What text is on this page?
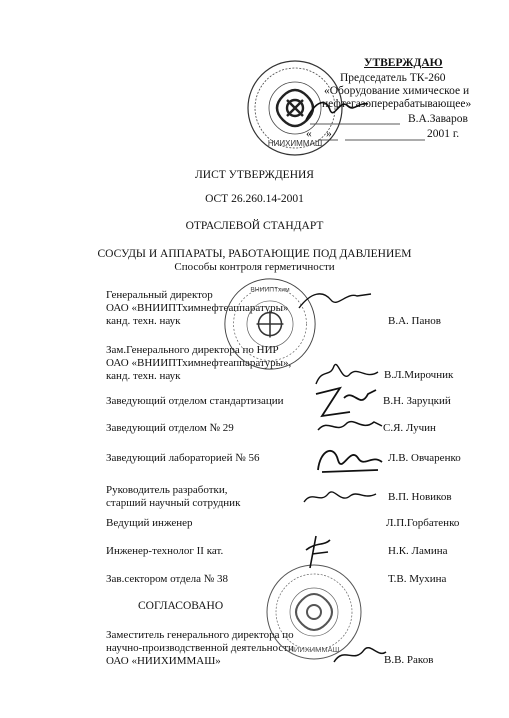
УТВЕРЖДАЮ
Председатель ТК-260
«Оборудование химическое и
нефтегазоперерабатывающее»
В.А.Заваров
« »	2001 г.
НИИХИММАШ
ЛИСТ УТВЕРЖДЕНИЯ
ОСТ 26.260.14-2001
ОТРАСЛЕВОЙ СТАНДАРТ
СОСУДЫ И АППАРАТЫ, РАБОТАЮЩИЕ ПОД ДАВЛЕНИЕМ
Способы контроля герметичности
Генеральный директор
ОАО «ВНИИПТхимнефтеаппаратуры»
канд. техн. наук	В.А. Панов
Зам.Генерального директора по НИР
ОАО «ВНИИПТхимнефтеаппаратуры»,
канд. техн. наук	В.Л.Мирочник
Заведующий отделом стандартизации	В.Н. Заруцкий
Заведующий отделом № 29	С.Я. Лучин
Заведующий лабораторией № 56	Л.В. Овчаренко
Руководитель разработки,
старший научный сотрудник	В.П. Новиков
Ведущий инженер	Л.П.Горбатенко
Инженер-технолог II кат.	Н.К. Ламина
Зав.сектором отдела № 38	Т.В. Мухина
СОГЛАСОВАНО
Заместитель генерального директора по
научно-производственной деятельности
ОАО «НИИХИММАШ»	В.В. Раков
ВНИИПТхим
НИИХИММАШ
